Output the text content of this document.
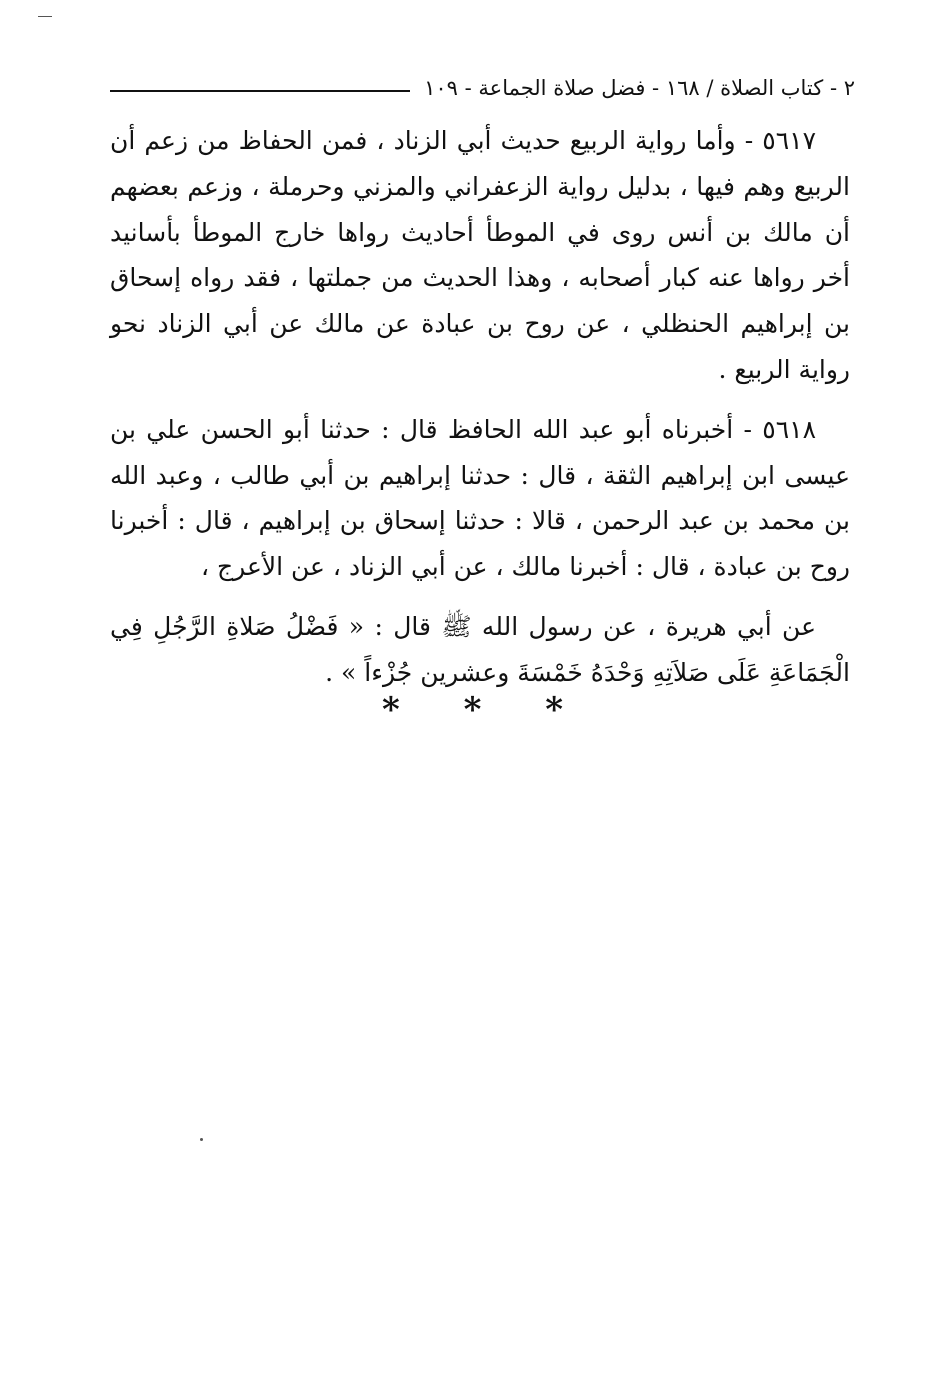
٢ - كتاب الصلاة / ١٦٨ - فضل صلاة الجماعة - ١٠٩

٥٦١٧ - وأما رواية الربيع حديث أبي الزناد ، فمن الحفاظ من زعم أن الربيع وهم فيها ، بدليل رواية الزعفراني والمزني وحرملة ، وزعم بعضهم أن مالك بن أنس روى في الموطأ أحاديث رواها خارج الموطأ بأسانيد أخر رواها عنه كبار أصحابه ، وهذا الحديث من جملتها ، فقد رواه إسحاق بن إبراهيم الحنظلي ، عن روح بن عبادة عن مالك عن أبي الزناد نحو رواية الربيع .

٥٦١٨ - أخبرناه أبو عبد الله الحافظ قال : حدثنا أبو الحسن علي بن عيسى ابن إبراهيم الثقة ، قال : حدثنا إبراهيم بن أبي طالب ، وعبد الله بن محمد بن عبد الرحمن ، قالا : حدثنا إسحاق بن إبراهيم ، قال : أخبرنا روح بن عبادة ، قال : أخبرنا مالك ، عن أبي الزناد ، عن الأعرج ،

عن أبي هريرة ، عن رسول الله ﷺ قال : « فَضْلُ صَلاةِ الرَّجُلِ فِي الْجَمَاعَةِ عَلَى صَلاَتِهِ وَحْدَهُ خَمْسَةَ وعشرين جُزْءاً » .

* * *
